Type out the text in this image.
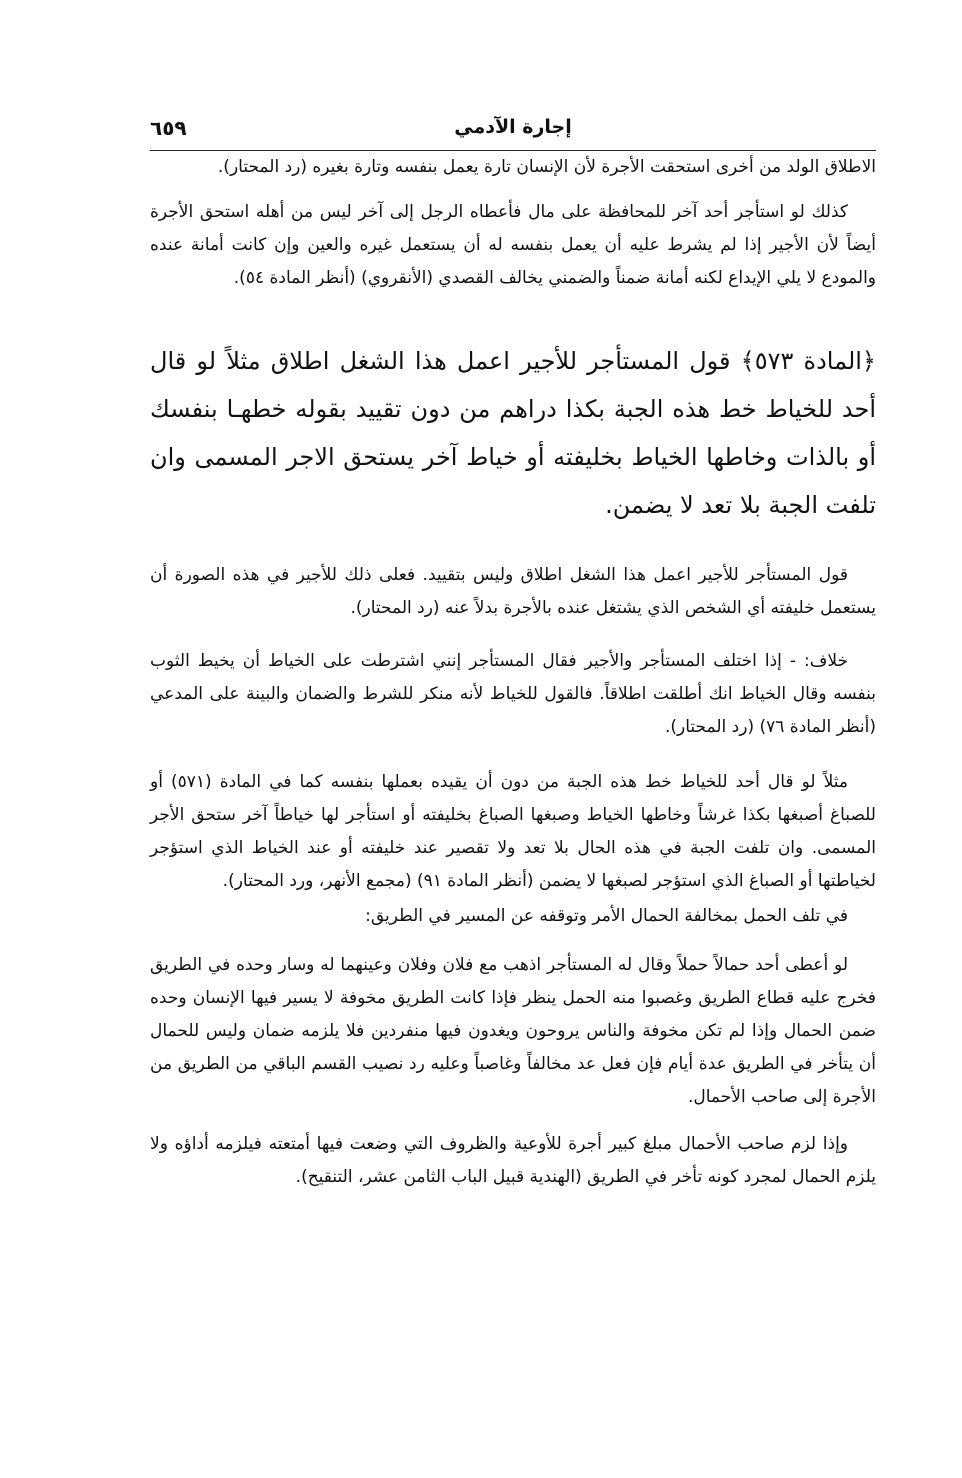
إجارة الآدمي
٦٥٩

الاطلاق الولد من أخرى استحقت الأجرة لأن الإنسان تارة يعمل بنفسه وتارة بغيره (رد المحتار).

كذلك لو استأجر أحد آخر للمحافظة على مال فأعطاه الرجل إلى آخر ليس من أهله استحق الأجرة أيضاً لأن الأجير إذا لم يشرط عليه أن يعمل بنفسه له أن يستعمل غيره والعين وإن كانت أمانة عنده والمودع لا يلي الإيداع لكنه أمانة ضمناً والضمني يخالف القصدي (الأنقروي) (أنظر المادة ٥٤).

﴿المادة ٥٧٣﴾ قول المستأجر للأجير اعمل هذا الشغل اطلاق مثلاً لو قال أحد للخياط خط هذه الجبة بكذا دراهم من دون تقييد بقوله خطهـا بنفسك أو بالذات وخاطها الخياط بخليفته أو خياط آخر يستحق الاجر المسمى وان تلفت الجبة بلا تعد لا يضمن.

قول المستأجر للأجير اعمل هذا الشغل اطلاق وليس بتقييد. فعلى ذلك للأجير في هذه الصورة أن يستعمل خليفته أي الشخص الذي يشتغل عنده بالأجرة بدلاً عنه (رد المحتار).

خلاف: - إذا اختلف المستأجر والأجير فقال المستأجر إنني اشترطت على الخياط أن يخيط الثوب بنفسه وقال الخياط انك أطلقت اطلاقاً. فالقول للخياط لأنه منكر للشرط والضمان والبينة على المدعي (أنظر المادة ٧٦) (رد المحتار).

مثلاً لو قال أحد للخياط خط هذه الجبة من دون أن يقيده بعملها بنفسه كما في المادة (٥٧١) أو للصباغ أصبغها بكذا غرشاً وخاطها الخياط وصبغها الصباغ بخليفته أو استأجر لها خياطاً آخر ستحق الأجر المسمى. وان تلفت الجبة في هذه الحال بلا تعد ولا تقصير عند خليفته أو عند الخياط الذي استؤجر لخياطتها أو الصباغ الذي استؤجر لصبغها لا يضمن (أنظر المادة ٩١) (مجمع الأنهر، ورد المحتار).

في تلف الحمل بمخالفة الحمال الأمر وتوقفه عن المسير في الطريق:

لو أعطى أحد حمالاً حملاً وقال له المستأجر اذهب مع فلان وفلان وعينهما له وسار وحده في الطريق فخرج عليه قطاع الطريق وغصبوا منه الحمل ينظر فإذا كانت الطريق مخوفة لا يسير فيها الإنسان وحده ضمن الحمال وإذا لم تكن مخوفة والناس يروحون ويغدون فيها منفردين فلا يلزمه ضمان وليس للحمال أن يتأخر في الطريق عدة أيام فإن فعل عد مخالفاً وغاصباً وعليه رد نصيب القسم الباقي من الطريق من الأجرة إلى صاحب الأحمال.

وإذا لزم صاحب الأحمال مبلغ كبير أجرة للأوعية والظروف التي وضعت فيها أمتعته فيلزمه أداؤه ولا يلزم الحمال لمجرد كونه تأخر في الطريق (الهندية قبيل الباب الثامن عشر، التنقيح).
